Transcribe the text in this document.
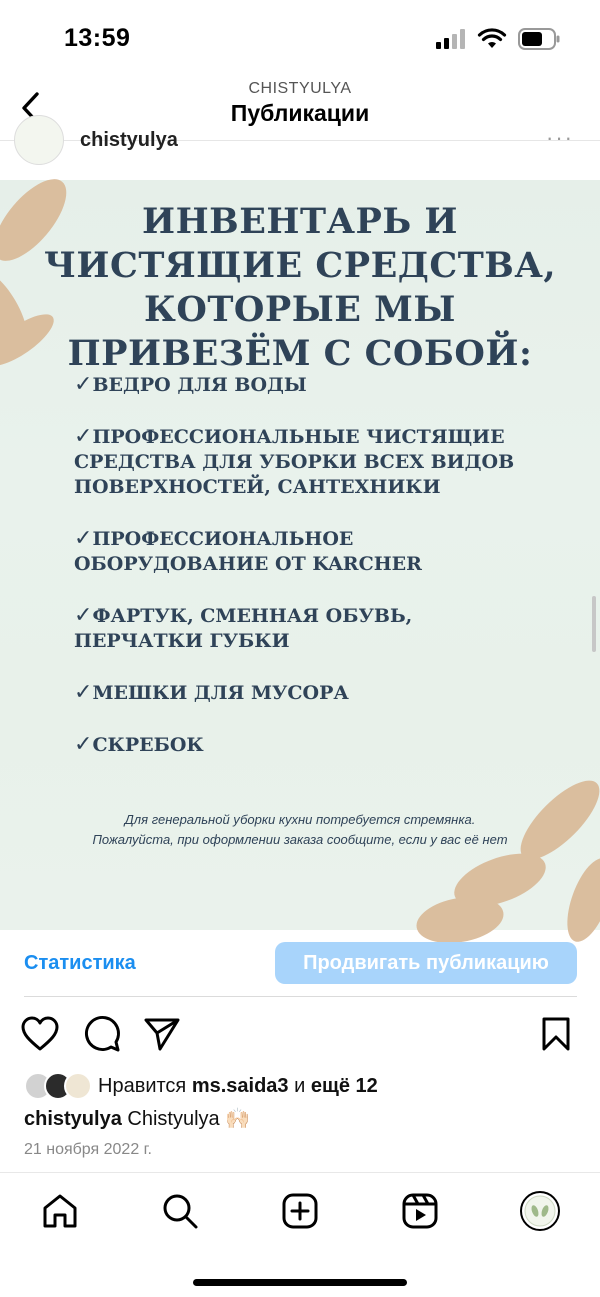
13:59
CHISTYULYA
Публикации
chistyulya	···
ИНВЕНТАРЬ И ЧИСТЯЩИЕ СРЕДСТВА, КОТОРЫЕ МЫ ПРИВЕЗЁМ С СОБОЙ:
✓ВЕДРО ДЛЯ ВОДЫ
✓ПРОФЕССИОНАЛЬНЫЕ ЧИСТЯЩИЕ СРЕДСТВА ДЛЯ УБОРКИ ВСЕХ ВИДОВ ПОВЕРХНОСТЕЙ, САНТЕХНИКИ
✓ПРОФЕССИОНАЛЬНОЕ ОБОРУДОВАНИЕ ОТ KARCHER
✓ФАРТУК, СМЕННАЯ ОБУВЬ, ПЕРЧАТКИ ГУБКИ
✓МЕШКИ ДЛЯ МУСОРА
✓СКРЕБОК
Для генеральной уборки кухни потребуется стремянка.
Пожалуйста, при оформлении заказа сообщите, если у вас её нет
Статистика	Продвигать публикацию
Нравится ms.saida3 и ещё 12
chistyulya Chistyulya 🙌🏻
21 ноября 2022 г.
